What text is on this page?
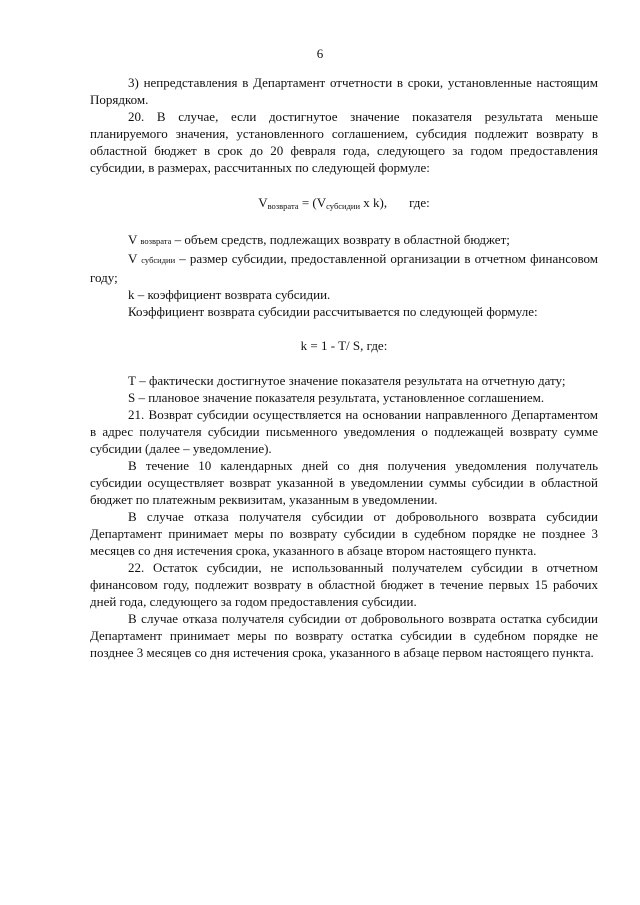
6

3) непредставления в Департамент отчетности в сроки, установленные настоящим Порядком.

20. В случае, если достигнутое значение показателя результата меньше планируемого значения, установленного соглашением, субсидия подлежит возврату в областной бюджет в срок до 20 февраля года, следующего за годом предоставления субсидии, в размерах, рассчитанных по следующей формуле:

$V_{возврата} = (V_{субсидии}$ x k), где:

V возврата – объем средств, подлежащих возврату в областной бюджет;

V субсидии – размер субсидии, предоставленной организации в отчетном финансовом году;

k – коэффициент возврата субсидии.

Коэффициент возврата субсидии рассчитывается по следующей формуле:

k = 1 - T/ S, где:

Т – фактически достигнутое значение показателя результата на отчетную дату;

S – плановое значение показателя результата, установленное соглашением.

21. Возврат субсидии осуществляется на основании направленного Департаментом в адрес получателя субсидии письменного уведомления о подлежащей возврату сумме субсидии (далее – уведомление).

В течение 10 календарных дней со дня получения уведомления получатель субсидии осуществляет возврат указанной в уведомлении суммы субсидии в областной бюджет по платежным реквизитам, указанным в уведомлении.

В случае отказа получателя субсидии от добровольного возврата субсидии Департамент принимает меры по возврату субсидии в судебном порядке не позднее 3 месяцев со дня истечения срока, указанного в абзаце втором настоящего пункта.

22. Остаток субсидии, не использованный получателем субсидии в отчетном финансовом году, подлежит возврату в областной бюджет в течение первых 15 рабочих дней года, следующего за годом предоставления субсидии.

В случае отказа получателя субсидии от добровольного возврата остатка субсидии Департамент принимает меры по возврату остатка субсидии в судебном порядке не позднее 3 месяцев со дня истечения срока, указанного в абзаце первом настоящего пункта.
